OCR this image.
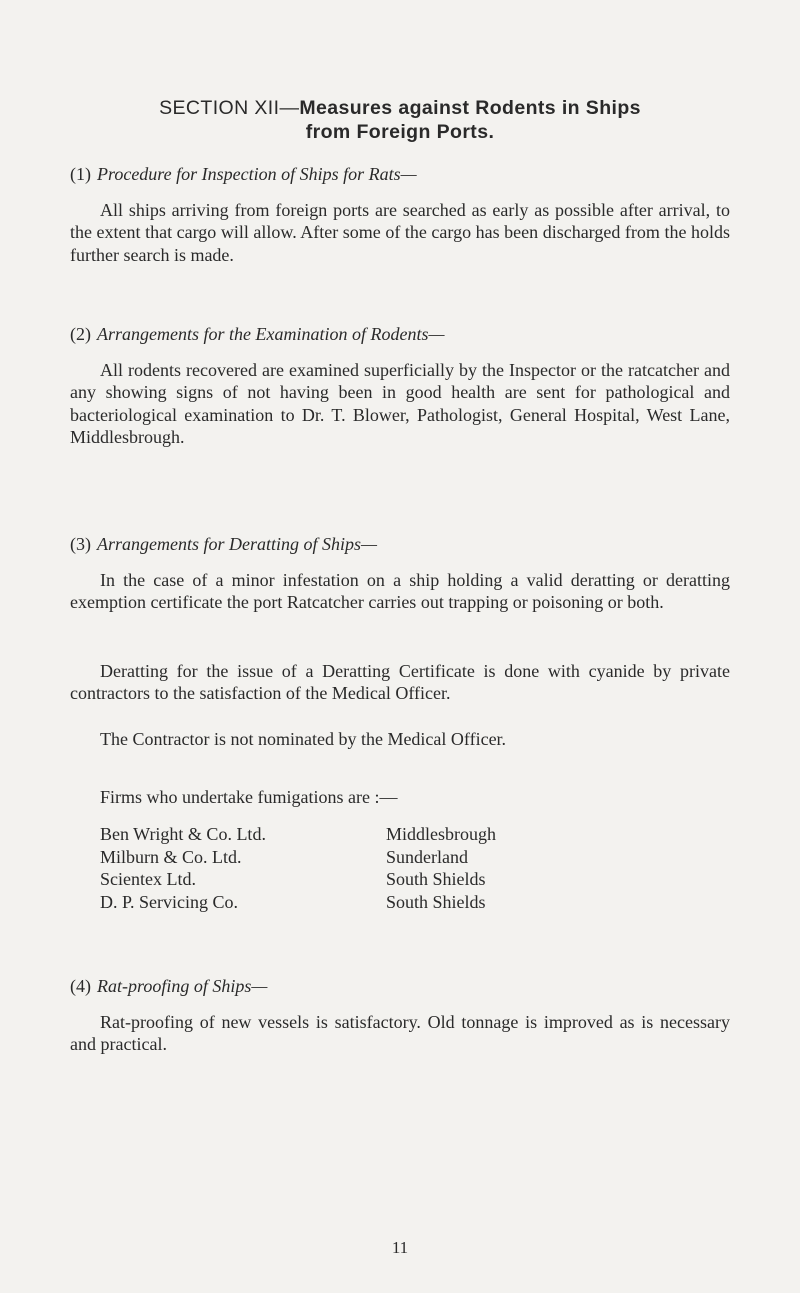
SECTION XII—Measures against Rodents in Ships
from Foreign Ports.
(1) Procedure for Inspection of Ships for Rats—

All ships arriving from foreign ports are searched as early as possible after arrival, to the extent that cargo will allow. After some of the cargo has been discharged from the holds further search is made.

(2) Arrangements for the Examination of Rodents—

All rodents recovered are examined superficially by the Inspector or the ratcatcher and any showing signs of not having been in good health are sent for pathological and bacteriological examination to Dr. T. Blower, Pathologist, General Hospital, West Lane, Middlesbrough.

(3) Arrangements for Deratting of Ships—

In the case of a minor infestation on a ship holding a valid deratting or deratting exemption certificate the port Ratcatcher carries out trapping or poisoning or both.

Deratting for the issue of a Deratting Certificate is done with cyanide by private contractors to the satisfaction of the Medical Officer.

The Contractor is not nominated by the Medical Officer.

Firms who undertake fumigations are :—

Ben Wright & Co. Ltd.	Middlesbrough
Milburn & Co. Ltd.	Sunderland
Scientex Ltd.	South Shields
D. P. Servicing Co.	South Shields
(4) Rat-proofing of Ships—

Rat-proofing of new vessels is satisfactory. Old tonnage is improved as is necessary and practical.

11
